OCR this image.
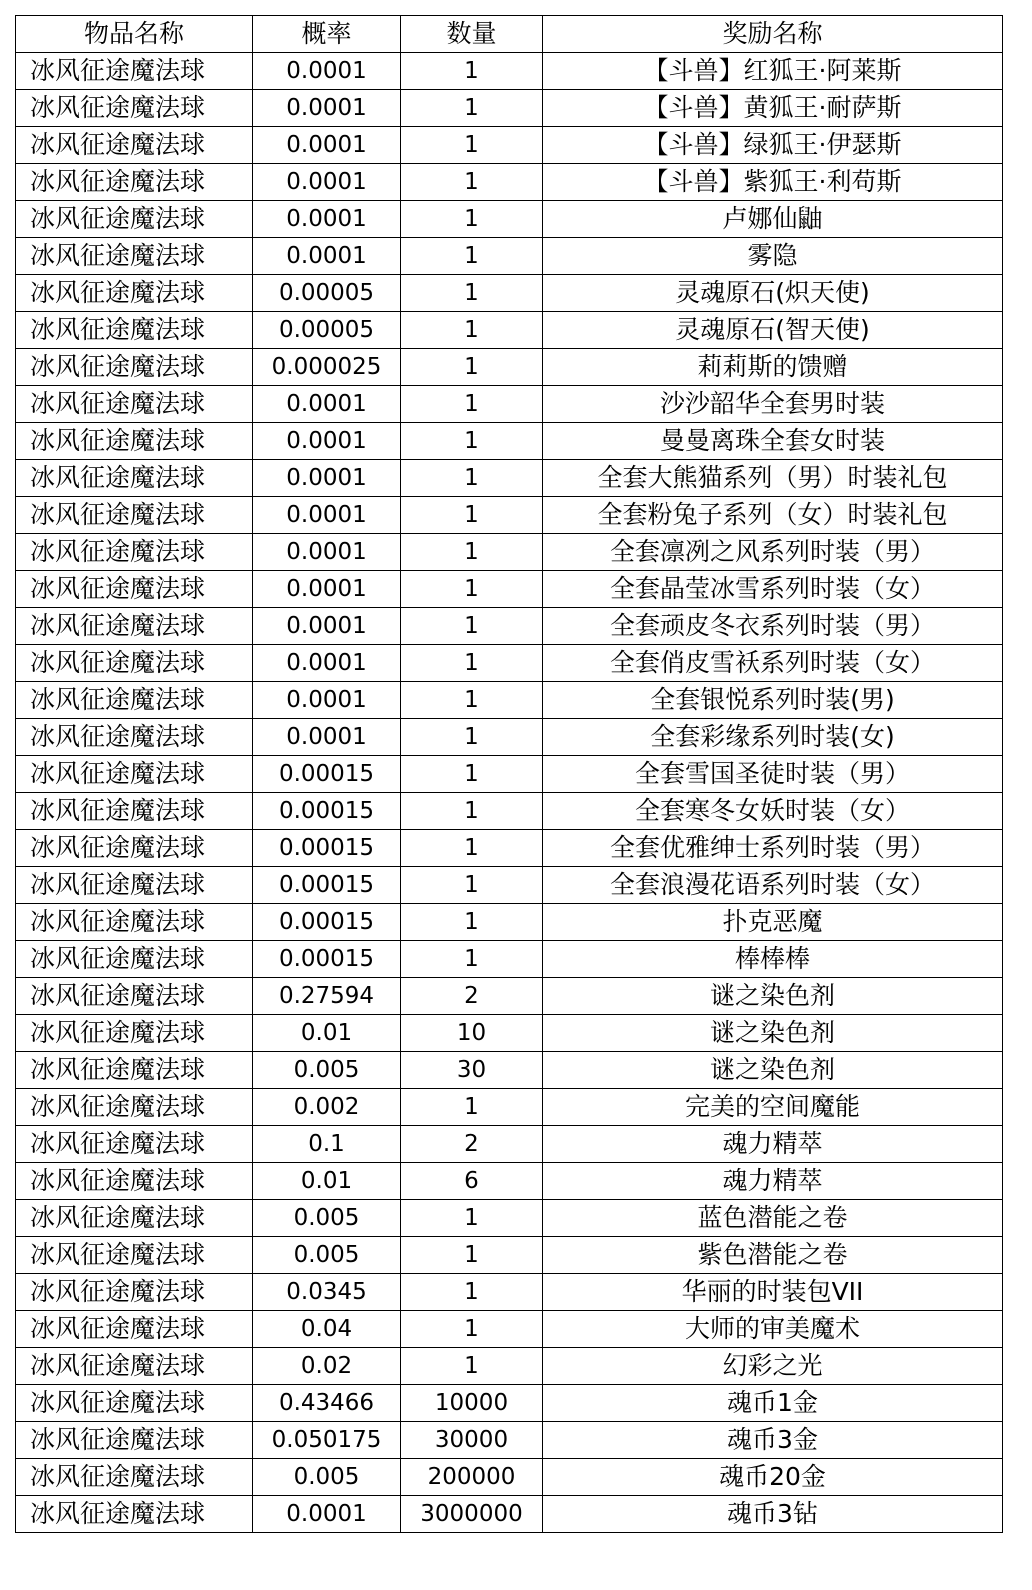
物品名称	概率	数量	奖励名称
冰风征途魔法球	0.0001	1	【斗兽】红狐王·阿莱斯
冰风征途魔法球	0.0001	1	【斗兽】黄狐王·耐萨斯
冰风征途魔法球	0.0001	1	【斗兽】绿狐王·伊瑟斯
冰风征途魔法球	0.0001	1	【斗兽】紫狐王·利苟斯
冰风征途魔法球	0.0001	1	卢娜仙鼬
冰风征途魔法球	0.0001	1	雾隐
冰风征途魔法球	0.00005	1	灵魂原石(炽天使)
冰风征途魔法球	0.00005	1	灵魂原石(智天使)
冰风征途魔法球	0.000025	1	莉莉斯的馈赠
冰风征途魔法球	0.0001	1	沙沙韶华全套男时装
冰风征途魔法球	0.0001	1	曼曼离珠全套女时装
冰风征途魔法球	0.0001	1	全套大熊猫系列（男）时装礼包
冰风征途魔法球	0.0001	1	全套粉兔子系列（女）时装礼包
冰风征途魔法球	0.0001	1	全套凛冽之风系列时装（男）
冰风征途魔法球	0.0001	1	全套晶莹冰雪系列时装（女）
冰风征途魔法球	0.0001	1	全套顽皮冬衣系列时装（男）
冰风征途魔法球	0.0001	1	全套俏皮雪袄系列时装（女）
冰风征途魔法球	0.0001	1	全套银悦系列时装(男)
冰风征途魔法球	0.0001	1	全套彩缘系列时装(女)
冰风征途魔法球	0.00015	1	全套雪国圣徒时装（男）
冰风征途魔法球	0.00015	1	全套寒冬女妖时装（女）
冰风征途魔法球	0.00015	1	全套优雅绅士系列时装（男）
冰风征途魔法球	0.00015	1	全套浪漫花语系列时装（女）
冰风征途魔法球	0.00015	1	扑克恶魔
冰风征途魔法球	0.00015	1	棒棒棒
冰风征途魔法球	0.27594	2	谜之染色剂
冰风征途魔法球	0.01	10	谜之染色剂
冰风征途魔法球	0.005	30	谜之染色剂
冰风征途魔法球	0.002	1	完美的空间魔能
冰风征途魔法球	0.1	2	魂力精萃
冰风征途魔法球	0.01	6	魂力精萃
冰风征途魔法球	0.005	1	蓝色潜能之卷
冰风征途魔法球	0.005	1	紫色潜能之卷
冰风征途魔法球	0.0345	1	华丽的时装包VII
冰风征途魔法球	0.04	1	大师的审美魔术
冰风征途魔法球	0.02	1	幻彩之光
冰风征途魔法球	0.43466	10000	魂币1金
冰风征途魔法球	0.050175	30000	魂币3金
冰风征途魔法球	0.005	200000	魂币20金
冰风征途魔法球	0.0001	3000000	魂币3钻
